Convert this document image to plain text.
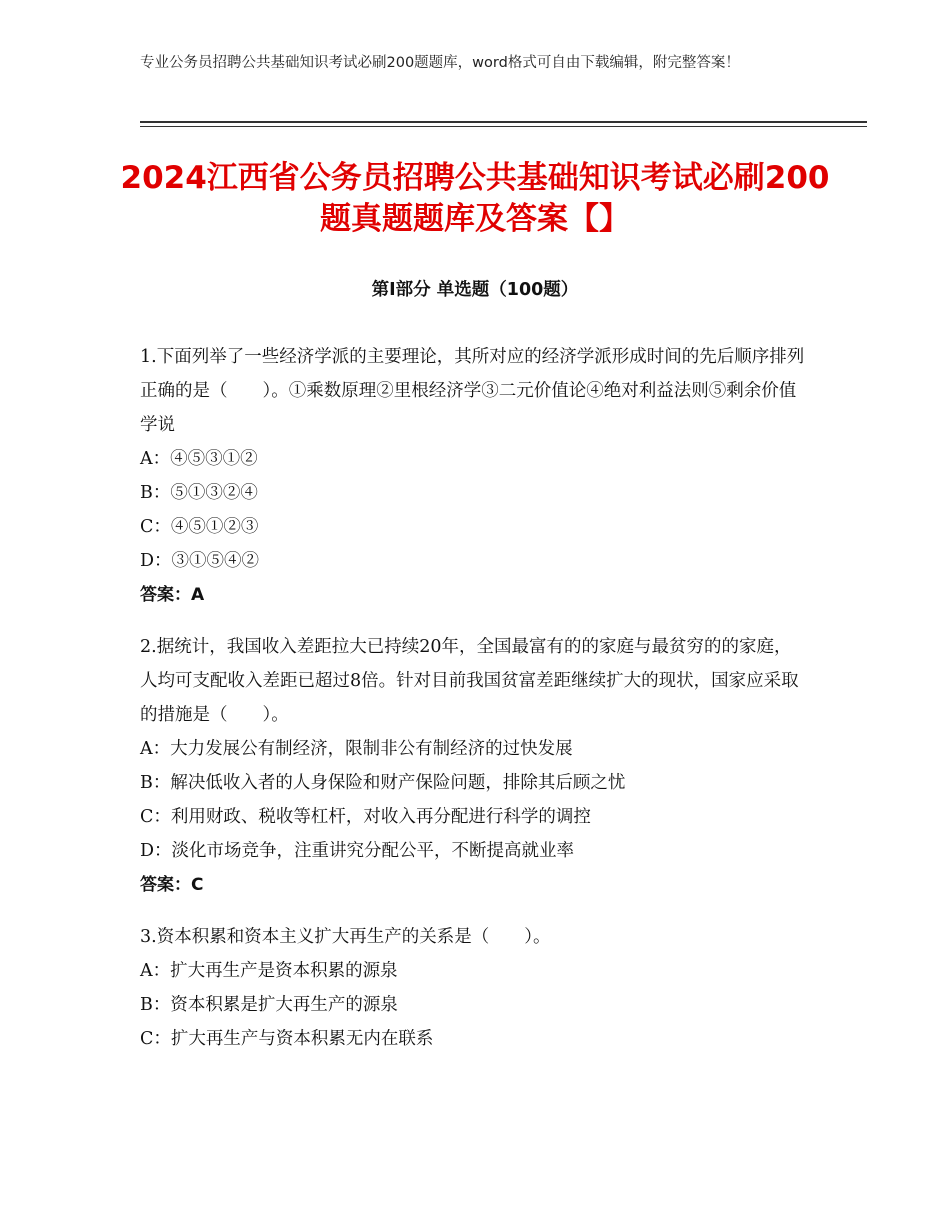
专业公务员招聘公共基础知识考试必刷200题题库，word格式可自由下载编辑，附完整答案！
2024江西省公务员招聘公共基础知识考试必刷200题真题题库及答案【】
第Ⅰ部分 单选题（100题）

1.下面列举了一些经济学派的主要理论，其所对应的经济学派形成时间的先后顺序排列正确的是（　　）。①乘数原理②里根经济学③二元价值论④绝对利益法则⑤剩余价值学说

A：④⑤③①②

B：⑤①③②④

C：④⑤①②③

D：③①⑤④②

答案：A

2.据统计，我国收入差距拉大已持续20年，全国最富有的的家庭与最贫穷的的家庭，人均可支配收入差距已超过8倍。针对目前我国贫富差距继续扩大的现状，国家应采取的措施是（　　）。

A：大力发展公有制经济，限制非公有制经济的过快发展

B：解决低收入者的人身保险和财产保险问题，排除其后顾之忧

C：利用财政、税收等杠杆，对收入再分配进行科学的调控

D：淡化市场竞争，注重讲究分配公平，不断提高就业率

答案：C

3.资本积累和资本主义扩大再生产的关系是（　　）。

A：扩大再生产是资本积累的源泉

B：资本积累是扩大再生产的源泉

C：扩大再生产与资本积累无内在联系
